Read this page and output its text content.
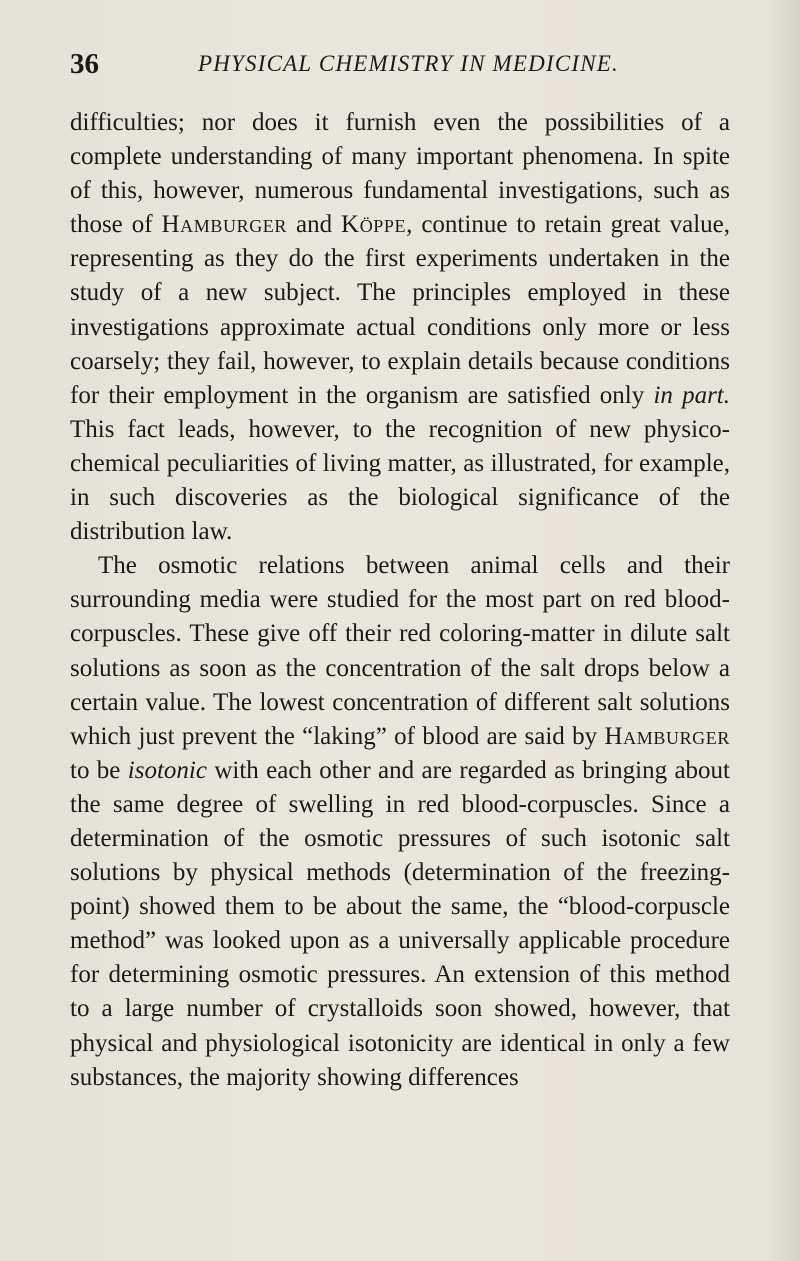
36	PHYSICAL CHEMISTRY IN MEDICINE.

difficulties; nor does it furnish even the possibilities of a complete understanding of many important phenomena. In spite of this, however, numerous fundamental investigations, such as those of Hamburger and Köppe, continue to retain great value, representing as they do the first experiments undertaken in the study of a new subject. The principles employed in these investigations approximate actual conditions only more or less coarsely; they fail, however, to explain details because conditions for their employment in the organism are satisfied only in part. This fact leads, however, to the recognition of new physico-chemical peculiarities of living matter, as illustrated, for example, in such discoveries as the biological significance of the distribution law.

The osmotic relations between animal cells and their surrounding media were studied for the most part on red blood-corpuscles. These give off their red coloring-matter in dilute salt solutions as soon as the concentration of the salt drops below a certain value. The lowest concentration of different salt solutions which just prevent the “laking” of blood are said by Hamburger to be isotonic with each other and are regarded as bringing about the same degree of swelling in red blood-corpuscles. Since a determination of the osmotic pressures of such isotonic salt solutions by physical methods (determination of the freezing-point) showed them to be about the same, the “blood-corpuscle method” was looked upon as a universally applicable procedure for determining osmotic pressures. An extension of this method to a large number of crystalloids soon showed, however, that physical and physiological isotonicity are identical in only a few substances, the majority showing differences
